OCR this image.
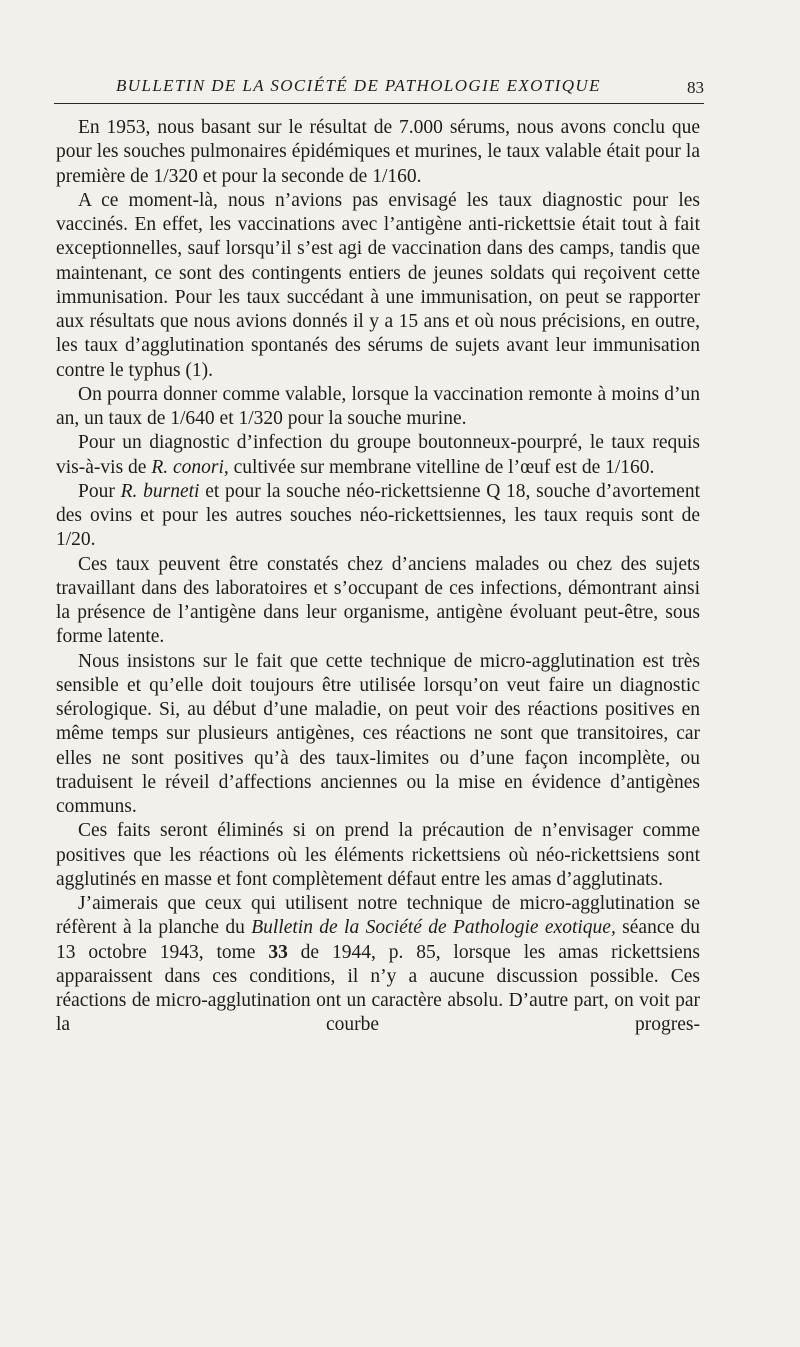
BULLETIN DE LA SOCIÉTÉ DE PATHOLOGIE EXOTIQUE	83

En 1953, nous basant sur le résultat de 7.000 sérums, nous avons conclu que pour les souches pulmonaires épidémiques et murines, le taux valable était pour la première de 1/320 et pour la seconde de 1/160.

A ce moment-là, nous n’avions pas envisagé les taux diagnostic pour les vaccinés. En effet, les vaccinations avec l’antigène anti-rickettsie était tout à fait exceptionnelles, sauf lorsqu’il s’est agi de vaccination dans des camps, tandis que maintenant, ce sont des contingents entiers de jeunes soldats qui reçoivent cette immunisation. Pour les taux succédant à une immunisation, on peut se rapporter aux résultats que nous avions donnés il y a 15 ans et où nous précisions, en outre, les taux d’agglutination spontanés des sérums de sujets avant leur immunisation contre le typhus (1).

On pourra donner comme valable, lorsque la vaccination remonte à moins d’un an, un taux de 1/640 et 1/320 pour la souche murine.

Pour un diagnostic d’infection du groupe boutonneux-pourpré, le taux requis vis-à-vis de R. conori, cultivée sur membrane vitelline de l’œuf est de 1/160.

Pour R. burneti et pour la souche néo-rickettsienne Q 18, souche d’avortement des ovins et pour les autres souches néo-rickettsiennes, les taux requis sont de 1/20.

Ces taux peuvent être constatés chez d’anciens malades ou chez des sujets travaillant dans des laboratoires et s’occupant de ces infections, démontrant ainsi la présence de l’antigène dans leur organisme, antigène évoluant peut-être, sous forme latente.

Nous insistons sur le fait que cette technique de micro-agglutination est très sensible et qu’elle doit toujours être utilisée lorsqu’on veut faire un diagnostic sérologique. Si, au début d’une maladie, on peut voir des réactions positives en même temps sur plusieurs antigènes, ces réactions ne sont que transitoires, car elles ne sont positives qu’à des taux-limites ou d’une façon incomplète, ou traduisent le réveil d’affections anciennes ou la mise en évidence d’antigènes communs.

Ces faits seront éliminés si on prend la précaution de n’envisager comme positives que les réactions où les éléments rickettsiens où néo-rickettsiens sont agglutinés en masse et font complètement défaut entre les amas d’agglutinats.

J’aimerais que ceux qui utilisent notre technique de micro-agglutination se réfèrent à la planche du Bulletin de la Société de Pathologie exotique, séance du 13 octobre 1943, tome 33 de 1944, p. 85, lorsque les amas rickettsiens apparaissent dans ces conditions, il n’y a aucune discussion possible. Ces réactions de micro-agglutination ont un caractère absolu. D’autre part, on voit par la courbe progres-
